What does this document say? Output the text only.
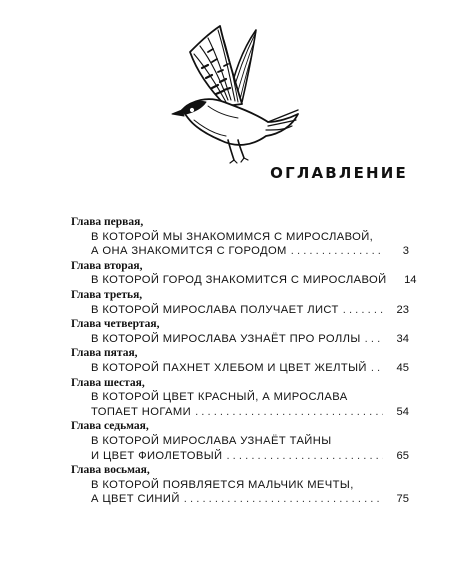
ОГЛАВЛЕНИЕ
Глава первая,
В КОТОРОЙ МЫ ЗНАКОМИМСЯ С МИРОСЛАВОЙ,
А ОНА ЗНАКОМИТСЯ С ГОРОДОМ . . .	3
Глава вторая,
В КОТОРОЙ ГОРОД ЗНАКОМИТСЯ С МИРОСЛАВОЙ	14
Глава третья,
В КОТОРОЙ МИРОСЛАВА ПОЛУЧАЕТ ЛИСТ . . .	23
Глава четвертая,
В КОТОРОЙ МИРОСЛАВА УЗНАЁТ ПРО РОЛЛЫ . . .	34
Глава пятая,
В КОТОРОЙ ПАХНЕТ ХЛЕБОМ И ЦВЕТ ЖЕЛТЫЙ . . .	45
Глава шестая,
В КОТОРОЙ ЦВЕТ КРАСНЫЙ, А МИРОСЛАВА
ТОПАЕТ НОГАМИ . . .	54
Глава седьмая,
В КОТОРОЙ МИРОСЛАВА УЗНАЁТ ТАЙНЫ
И ЦВЕТ ФИОЛЕТОВЫЙ . . .	65
Глава восьмая,
В КОТОРОЙ ПОЯВЛЯЕТСЯ МАЛЬЧИК МЕЧТЫ,
А ЦВЕТ СИНИЙ . . .	75
